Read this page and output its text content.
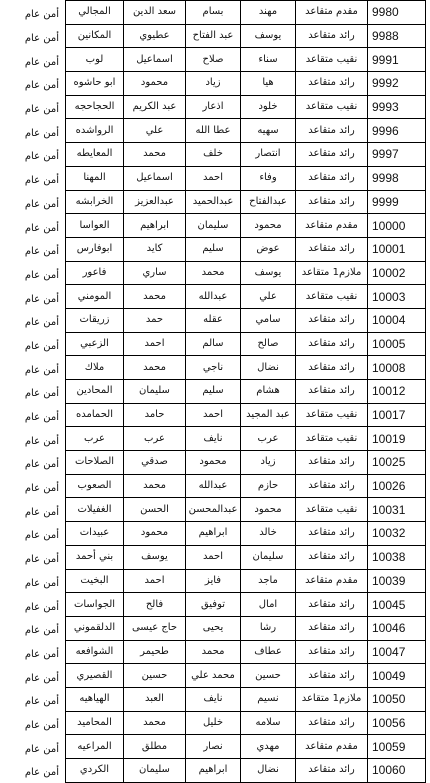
9980	مقدم متقاعد	مهند	بسام	سعد الدين	المجالي	أمن عام
9988	رائد متقاعد	يوسف	عبد الفتاح	عطيوي	المكانين	أمن عام
9991	نقيب متقاعد	سناء	صلاح	اسماعيل	لوب	أمن عام
9992	رائد متقاعد	هيا	زياد	محمود	ابو حاشوه	أمن عام
9993	نقيب متقاعد	خلود	اذعار	عبد الكريم	الحجاحجه	أمن عام
9996	رائد متقاعد	سهيه	عطا الله	علي	الرواشده	أمن عام
9997	رائد متقاعد	انتصار	خلف	محمد	المعايطه	أمن عام
9998	رائد متقاعد	وفاء	احمد	اسماعيل	المهنا	أمن عام
9999	رائد متقاعد	عبدالفتاح	عبدالحميد	عبدالعزيز	الخرابشه	أمن عام
10000	مقدم متقاعد	محمود	سليمان	ابراهيم	العواسا	أمن عام
10001	رائد متقاعد	عوض	سليم	كايد	ابوفارس	أمن عام
10002	ملازم1 متقاعد	يوسف	محمد	ساري	فاعور	أمن عام
10003	نقيب متقاعد	علي	عبدالله	محمد	المومني	أمن عام
10004	رائد متقاعد	سامي	عقله	حمد	زريقات	أمن عام
10005	رائد متقاعد	صالح	سالم	احمد	الزعبي	أمن عام
10008	رائد متقاعد	نضال	ناجي	محمد	ملاك	أمن عام
10012	رائد متقاعد	هشام	سليم	سليمان	المحادين	أمن عام
10017	نقيب متقاعد	عبد المجيد	احمد	حامد	الحمامده	أمن عام
10019	نقيب متقاعد	عرب	نايف	عرب	عرب	أمن عام
10025	رائد متقاعد	زياد	محمود	صدقي	الصلاحات	أمن عام
10026	رائد متقاعد	حازم	عبدالله	محمد	الصعوب	أمن عام
10031	نقيب متقاعد	محمود	عبدالمحسن	الحسن	الغفيلات	أمن عام
10032	رائد متقاعد	خالد	ابراهيم	محمود	عبيدات	أمن عام
10038	رائد متقاعد	سليمان	احمد	يوسف	بني أحمد	أمن عام
10039	مقدم متقاعد	ماجد	فايز	احمد	البخيت	أمن عام
10045	رائد متقاعد	امال	توفيق	فالح	الجواسات	أمن عام
10046	رائد متقاعد	رشا	يحيى	حاج عيسى	الدلقموني	أمن عام
10047	رائد متقاعد	عطاف	محمد	طحيمر	الشوافعه	أمن عام
10049	رائد متقاعد	حسين	محمد علي	حسين	القصيري	أمن عام
10050	ملازم1 متقاعد	نسيم	نايف	العبد	الهياهيه	أمن عام
10056	رائد متقاعد	سلامه	خليل	محمد	المحاميد	أمن عام
10059	مقدم متقاعد	مهدي	نصار	مطلق	المراعيه	أمن عام
10060	رائد متقاعد	نضال	ابراهيم	سليمان	الكردي	أمن عام
